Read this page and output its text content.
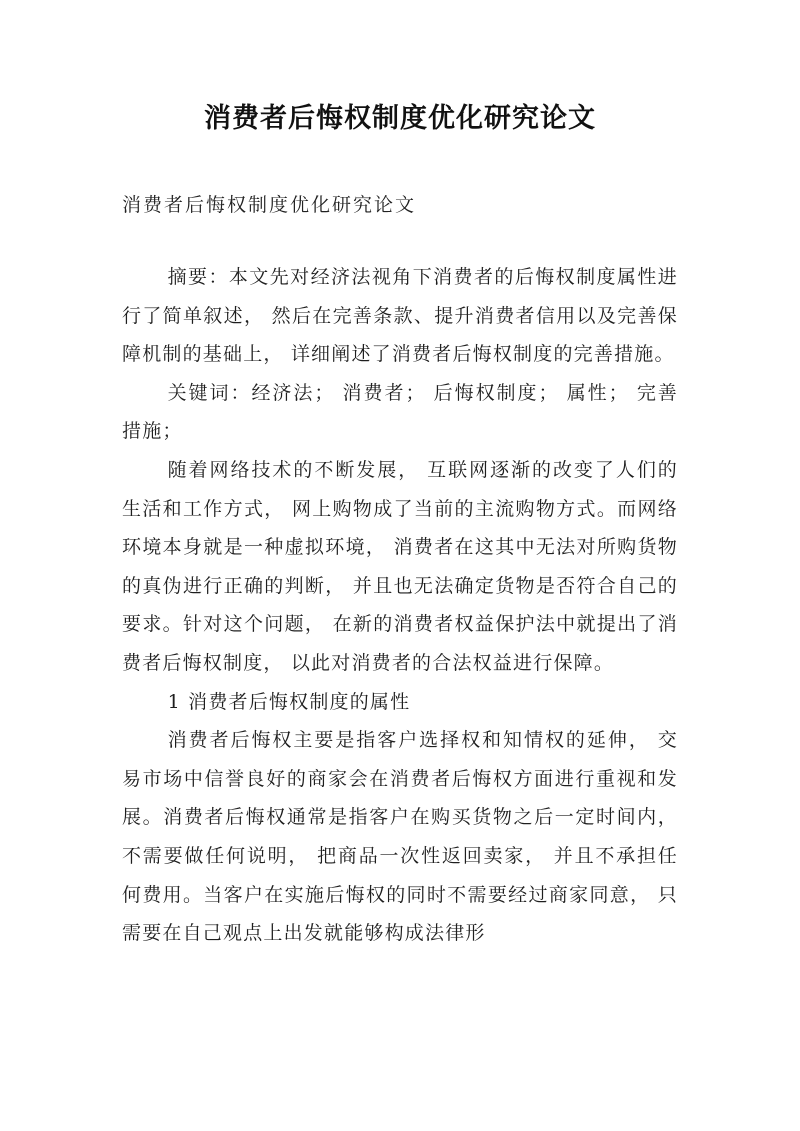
消费者后悔权制度优化研究论文
消费者后悔权制度优化研究论文

摘要：本文先对经济法视角下消费者的后悔权制度属性进行了简单叙述， 然后在完善条款、提升消费者信用以及完善保障机制的基础上， 详细阐述了消费者后悔权制度的完善措施。

关键词：经济法； 消费者； 后悔权制度； 属性； 完善措施；

随着网络技术的不断发展， 互联网逐渐的改变了人们的生活和工作方式， 网上购物成了当前的主流购物方式。而网络环境本身就是一种虚拟环境， 消费者在这其中无法对所购货物的真伪进行正确的判断， 并且也无法确定货物是否符合自己的要求。针对这个问题， 在新的消费者权益保护法中就提出了消费者后悔权制度， 以此对消费者的合法权益进行保障。

1 消费者后悔权制度的属性

消费者后悔权主要是指客户选择权和知情权的延伸， 交易市场中信誉良好的商家会在消费者后悔权方面进行重视和发展。消费者后悔权通常是指客户在购买货物之后一定时间内， 不需要做任何说明， 把商品一次性返回卖家， 并且不承担任何费用。当客户在实施后悔权的同时不需要经过商家同意， 只需要在自己观点上出发就能够构成法律形
